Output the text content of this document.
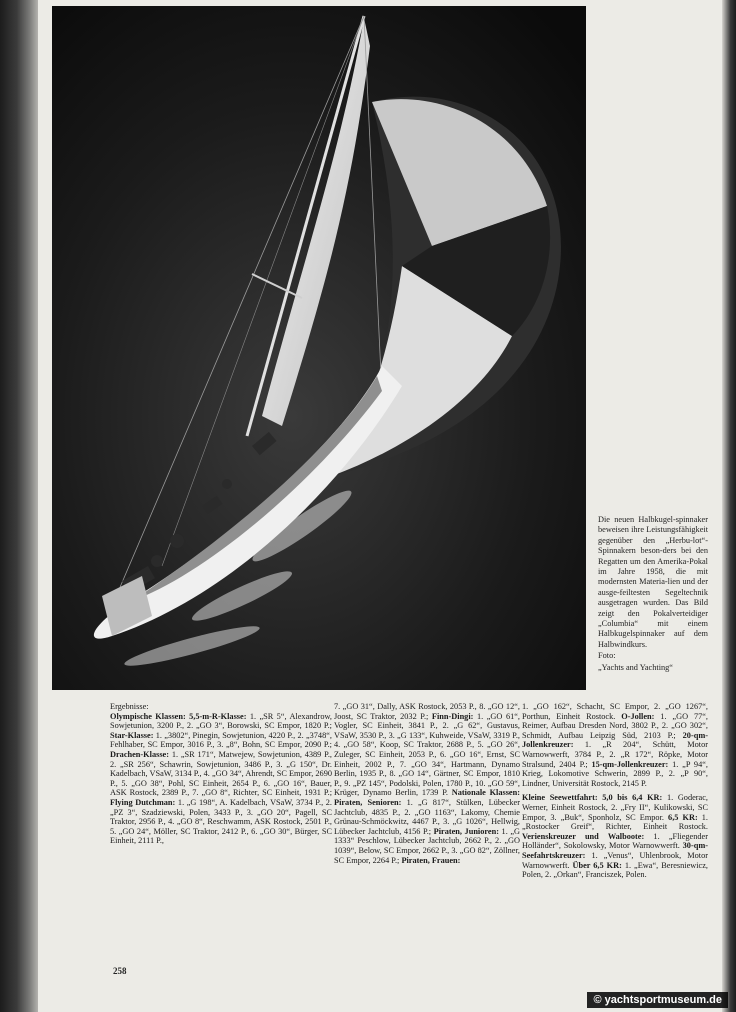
Die neuen Halbkugel-spinnaker beweisen ihre Leistungsfähigkeit gegenüber den „Herbu-lot“-Spinnakern beson-ders bei den Regatten um den Amerika-Pokal im Jahre 1958, die mit modernsten Materia-lien und der ausge-feiltesten Segeltechnik ausgetragen wurden. Das Bild zeigt den Pokalverteidiger „Columbia“ mit einem Halbkugelspinnaker auf dem Halbwindkurs.

Foto:

„Yachts and Yachting“

Ergebnisse:

Olympische Klassen: 5,5-m-R-Klasse: 1. „SR 5“, Alexandrow, Sowjetunion, 3200 P., 2. „GO 3“, Borowski, SC Empor, 1820 P.; Star-Klasse: 1. „3802“, Pinegin, Sowjetunion, 4220 P., 2. „3748“, Fehlhaber, SC Empor, 3016 P., 3. „8“, Bohn, SC Empor, 2090 P.; Drachen-Klasse: 1. „SR 171“, Matwejew, Sowjetunion, 4389 P., 2. „SR 256“, Schawrin, Sowjetunion, 3486 P., 3. „G 150“, Dr. Kadelbach, VSaW, 3134 P., 4. „GO 34“, Ahrendt, SC Empor, 2690 P., 5. „GO 38“, Pohl, SC Einheit, 2654 P., 6. „GO 16“, Bauer, ASK Rostock, 2389 P., 7. „GO 8“, Richter, SC Einheit, 1931 P.; Flying Dutchman: 1. „G 198“, A. Kadelbach, VSaW, 3734 P., 2. „PZ 3“, Szadziewski, Polen, 3433 P., 3. „GO 20“, Pagell, SC Traktor, 2956 P., 4. „GO 8“, Reschwamm, ASK Rostock, 2501 P., 5. „GO 24“, Möller, SC Traktor, 2412 P., 6. „GO 30“, Bürger, SC Einheit, 2111 P.,

7. „GO 31“, Dally, ASK Rostock, 2053 P., 8. „GO 12“, Joost, SC Traktor, 2032 P.; Finn-Dingi: 1. „GO 61“, Vogler, SC Einheit, 3841 P., 2. „G 62“, Gustavus, VSaW, 3530 P., 3. „G 133“, Kuhweide, VSaW, 3319 P., 4. „GO 58“, Koop, SC Traktor, 2688 P., 5. „GO 26“, Zuleger, SC Einheit, 2053 P., 6. „GO 16“, Ernst, SC Einheit, 2002 P., 7. „GO 34“, Hartmann, Dynamo Berlin, 1935 P., 8. „GO 14“, Gärtner, SC Empor, 1810 P., 9. „PZ 145“, Podolski, Polen, 1780 P., 10. „GO 59“, Krüger, Dynamo Berlin, 1739 P. Nationale Klassen: Piraten, Senioren: 1. „G 817“, Stülken, Lübecker Jachtclub, 4835 P., 2. „GO 1163“, Lakomy, Chemie Grünau-Schmöckwitz, 4467 P., 3. „G 1026“, Hellwig, Lübecker Jachtclub, 4156 P.; Piraten, Junioren: 1. „G 1333“ Peschlow, Lübecker Jachtclub, 2662 P., 2. „GO 1039“, Below, SC Empor, 2662 P., 3. „GO 82“, Zöllner, SC Empor, 2264 P.; Piraten, Frauen:

1. „GO 162“, Schacht, SC Empor, 2. „GO 1267“, Porthun, Einheit Rostock. O-Jollen: 1. „GO 77“, Reimer, Aufbau Dresden Nord, 3802 P., 2. „GO 302“, Schmidt, Aufbau Leipzig Süd, 2103 P.; 20-qm-Jollenkreuzer: 1. „R 204“, Schütt, Motor Warnowwerft, 3784 P., 2. „R 172“, Röpke, Motor Stralsund, 2404 P.; 15-qm-Jollenkreuzer: 1. „P 94“, Krieg, Lokomotive Schwerin, 2899 P., 2. „P 90“, Lindner, Universität Rostock, 2145 P.

Kleine Seewettfahrt: 5,0 bis 6,4 KR: 1. Goderac, Werner, Einheit Rostock, 2. „Fry II“, Kulikowski, SC Empor, 3. „Buk“, Sponholz, SC Empor. 6,5 KR: 1. „Rostocker Greif“, Richter, Einheit Rostock. Verienskreuzer und Walboote: 1. „Fliegender Holländer“, Sokolowsky, Motor Warnowwerft. 30-qm-Seefahrtskreuzer: 1. „Venus“, Uhlenbrook, Motor Warnowwerft. Über 6,5 KR: 1. „Ewa“, Beresniewicz, Polen, 2. „Orkan“, Franciszek, Polen.

258
© yachtsportmuseum.de
